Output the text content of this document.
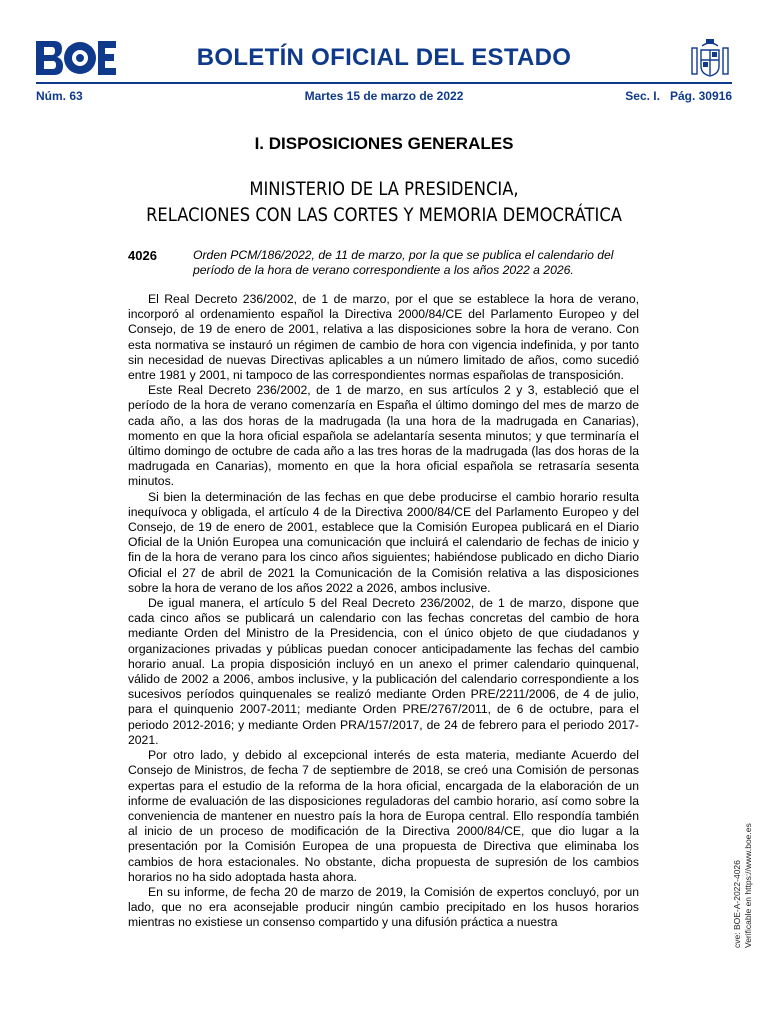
BOLETÍN OFICIAL DEL ESTADO
Núm. 63	Martes 15 de marzo de 2022	Sec. I.   Pág. 30916
I. DISPOSICIONES GENERALES
MINISTERIO DE LA PRESIDENCIA,
RELACIONES CON LAS CORTES Y MEMORIA DEMOCRÁTICA
4026	Orden PCM/186/2022, de 11 de marzo, por la que se publica el calendario del período de la hora de verano correspondiente a los años 2022 a 2026.

El Real Decreto 236/2002, de 1 de marzo, por el que se establece la hora de verano, incorporó al ordenamiento español la Directiva 2000/84/CE del Parlamento Europeo y del Consejo, de 19 de enero de 2001, relativa a las disposiciones sobre la hora de verano. Con esta normativa se instauró un régimen de cambio de hora con vigencia indefinida, y por tanto sin necesidad de nuevas Directivas aplicables a un número limitado de años, como sucedió entre 1981 y 2001, ni tampoco de las correspondientes normas españolas de transposición.

Este Real Decreto 236/2002, de 1 de marzo, en sus artículos 2 y 3, estableció que el período de la hora de verano comenzaría en España el último domingo del mes de marzo de cada año, a las dos horas de la madrugada (la una hora de la madrugada en Canarias), momento en que la hora oficial española se adelantaría sesenta minutos; y que terminaría el último domingo de octubre de cada año a las tres horas de la madrugada (las dos horas de la madrugada en Canarias), momento en que la hora oficial española se retrasaría sesenta minutos.

Si bien la determinación de las fechas en que debe producirse el cambio horario resulta inequívoca y obligada, el artículo 4 de la Directiva 2000/84/CE del Parlamento Europeo y del Consejo, de 19 de enero de 2001, establece que la Comisión Europea publicará en el Diario Oficial de la Unión Europea una comunicación que incluirá el calendario de fechas de inicio y fin de la hora de verano para los cinco años siguientes; habiéndose publicado en dicho Diario Oficial el 27 de abril de 2021 la Comunicación de la Comisión relativa a las disposiciones sobre la hora de verano de los años 2022 a 2026, ambos inclusive.

De igual manera, el artículo 5 del Real Decreto 236/2002, de 1 de marzo, dispone que cada cinco años se publicará un calendario con las fechas concretas del cambio de hora mediante Orden del Ministro de la Presidencia, con el único objeto de que ciudadanos y organizaciones privadas y públicas puedan conocer anticipadamente las fechas del cambio horario anual. La propia disposición incluyó en un anexo el primer calendario quinquenal, válido de 2002 a 2006, ambos inclusive, y la publicación del calendario correspondiente a los sucesivos períodos quinquenales se realizó mediante Orden PRE/2211/2006, de 4 de julio, para el quinquenio 2007-2011; mediante Orden PRE/2767/2011, de 6 de octubre, para el periodo 2012-2016; y mediante Orden PRA/157/2017, de 24 de febrero para el periodo 2017-2021.

Por otro lado, y debido al excepcional interés de esta materia, mediante Acuerdo del Consejo de Ministros, de fecha 7 de septiembre de 2018, se creó una Comisión de personas expertas para el estudio de la reforma de la hora oficial, encargada de la elaboración de un informe de evaluación de las disposiciones reguladoras del cambio horario, así como sobre la conveniencia de mantener en nuestro país la hora de Europa central. Ello respondía también al inicio de un proceso de modificación de la Directiva 2000/84/CE, que dio lugar a la presentación por la Comisión Europea de una propuesta de Directiva que eliminaba los cambios de hora estacionales. No obstante, dicha propuesta de supresión de los cambios horarios no ha sido adoptada hasta ahora.

En su informe, de fecha 20 de marzo de 2019, la Comisión de expertos concluyó, por un lado, que no era aconsejable producir ningún cambio precipitado en los husos horarios mientras no existiese un consenso compartido y una difusión práctica a nuestra	cve: BOE-A-2022-4026 Verificable en https://www.boe.es
